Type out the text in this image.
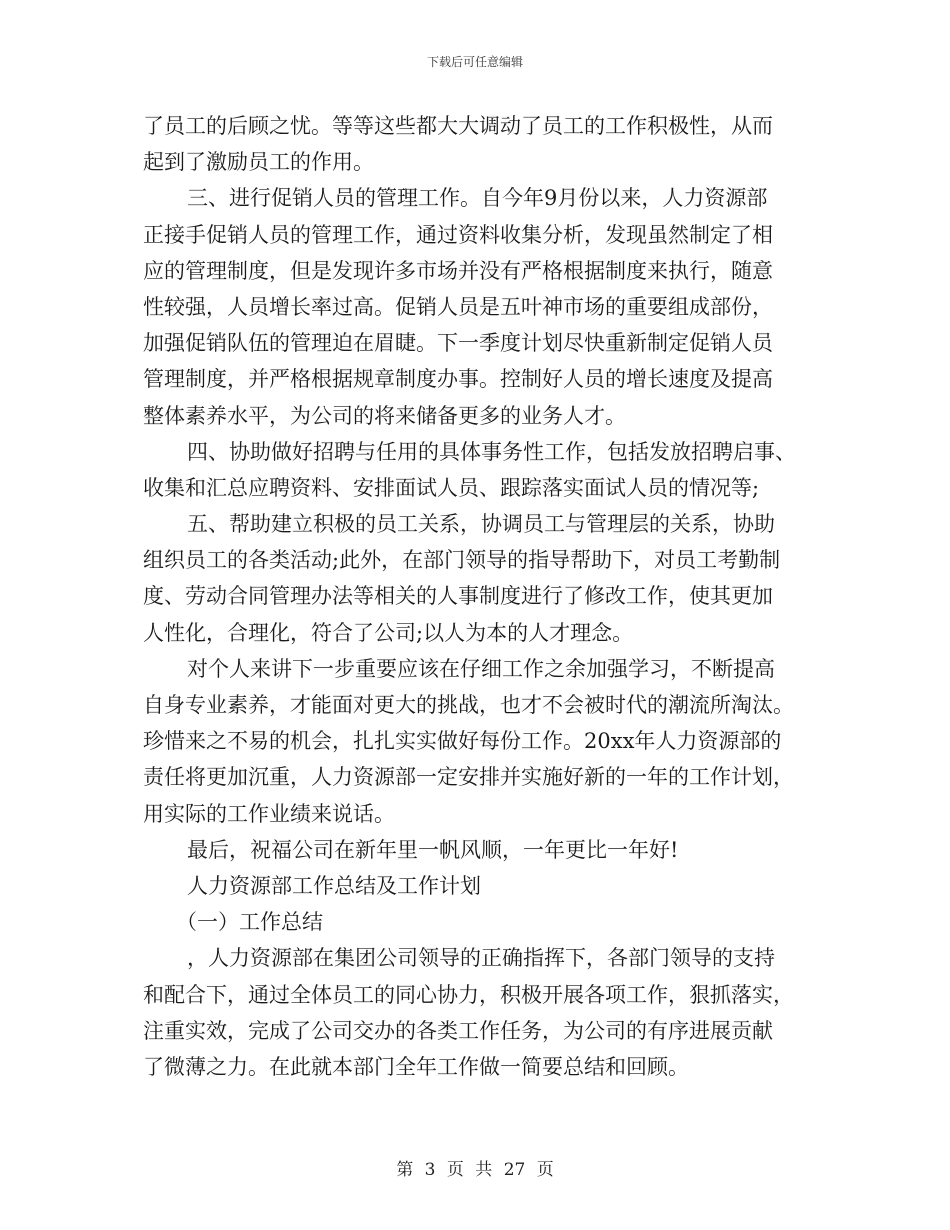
下载后可任意编辑
了员工的后顾之忧。等等这些都大大调动了员工的工作积极性，从而
起到了激励员工的作用。
三、进行促销人员的管理工作。自今年9月份以来，人力资源部
正接手促销人员的管理工作，通过资料收集分析，发现虽然制定了相
应的管理制度，但是发现许多市场并没有严格根据制度来执行，随意
性较强，人员增长率过高。促销人员是五叶神市场的重要组成部份，
加强促销队伍的管理迫在眉睫。下一季度计划尽快重新制定促销人员
管理制度，并严格根据规章制度办事。控制好人员的增长速度及提高
整体素养水平，为公司的将来储备更多的业务人才。
四、协助做好招聘与任用的具体事务性工作，包括发放招聘启事、
收集和汇总应聘资料、安排面试人员、跟踪落实面试人员的情况等;
五、帮助建立积极的员工关系，协调员工与管理层的关系，协助
组织员工的各类活动;此外，在部门领导的指导帮助下，对员工考勤制
度、劳动合同管理办法等相关的人事制度进行了修改工作，使其更加
人性化，合理化，符合了公司;以人为本的人才理念。
对个人来讲下一步重要应该在仔细工作之余加强学习，不断提高
自身专业素养，才能面对更大的挑战，也才不会被时代的潮流所淘汰。
珍惜来之不易的机会，扎扎实实做好每份工作。20xx年人力资源部的
责任将更加沉重，人力资源部一定安排并实施好新的一年的工作计划，
用实际的工作业绩来说话。
最后，祝福公司在新年里一帆风顺，一年更比一年好!
人力资源部工作总结及工作计划
（一）工作总结
，人力资源部在集团公司领导的正确指挥下，各部门领导的支持
和配合下，通过全体员工的同心协力，积极开展各项工作，狠抓落实，
注重实效，完成了公司交办的各类工作任务，为公司的有序进展贡献
了微薄之力。在此就本部门全年工作做一简要总结和回顾。
第 3 页 共 27 页
